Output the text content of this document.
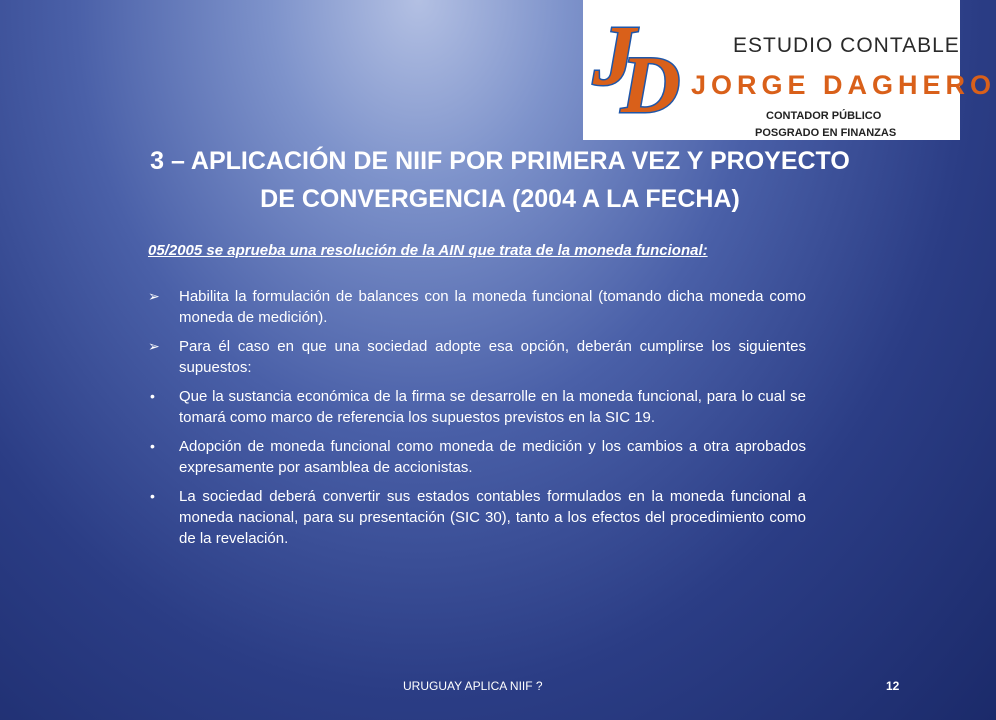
J
D	ESTUDIO CONTABLE
JORGE DAGHERO
CONTADOR PÚBLICO
POSGRADO EN FINANZAS
3 – APLICACIÓN DE NIIF POR PRIMERA VEZ Y PROYECTO
DE CONVERGENCIA (2004 A LA FECHA)

05/2005 se aprueba una resolución de la AIN que trata de la moneda funcional:

➢	Habilita la formulación de balances con la moneda funcional (tomando dicha moneda como moneda de medición).
➢	Para él caso en que una sociedad adopte esa opción, deberán cumplirse los siguientes supuestos:
•	Que la sustancia económica de la firma se desarrolle en la moneda funcional, para lo cual se tomará como marco de referencia los supuestos previstos en la SIC 19.
•	Adopción de moneda funcional como moneda de medición y los cambios a otra aprobados expresamente por asamblea de accionistas.
•	La sociedad deberá convertir sus estados contables formulados en la moneda funcional a moneda nacional, para su presentación (SIC 30), tanto a los efectos del procedimiento como de la revelación.
URUGUAY APLICA NIIF ?	12
